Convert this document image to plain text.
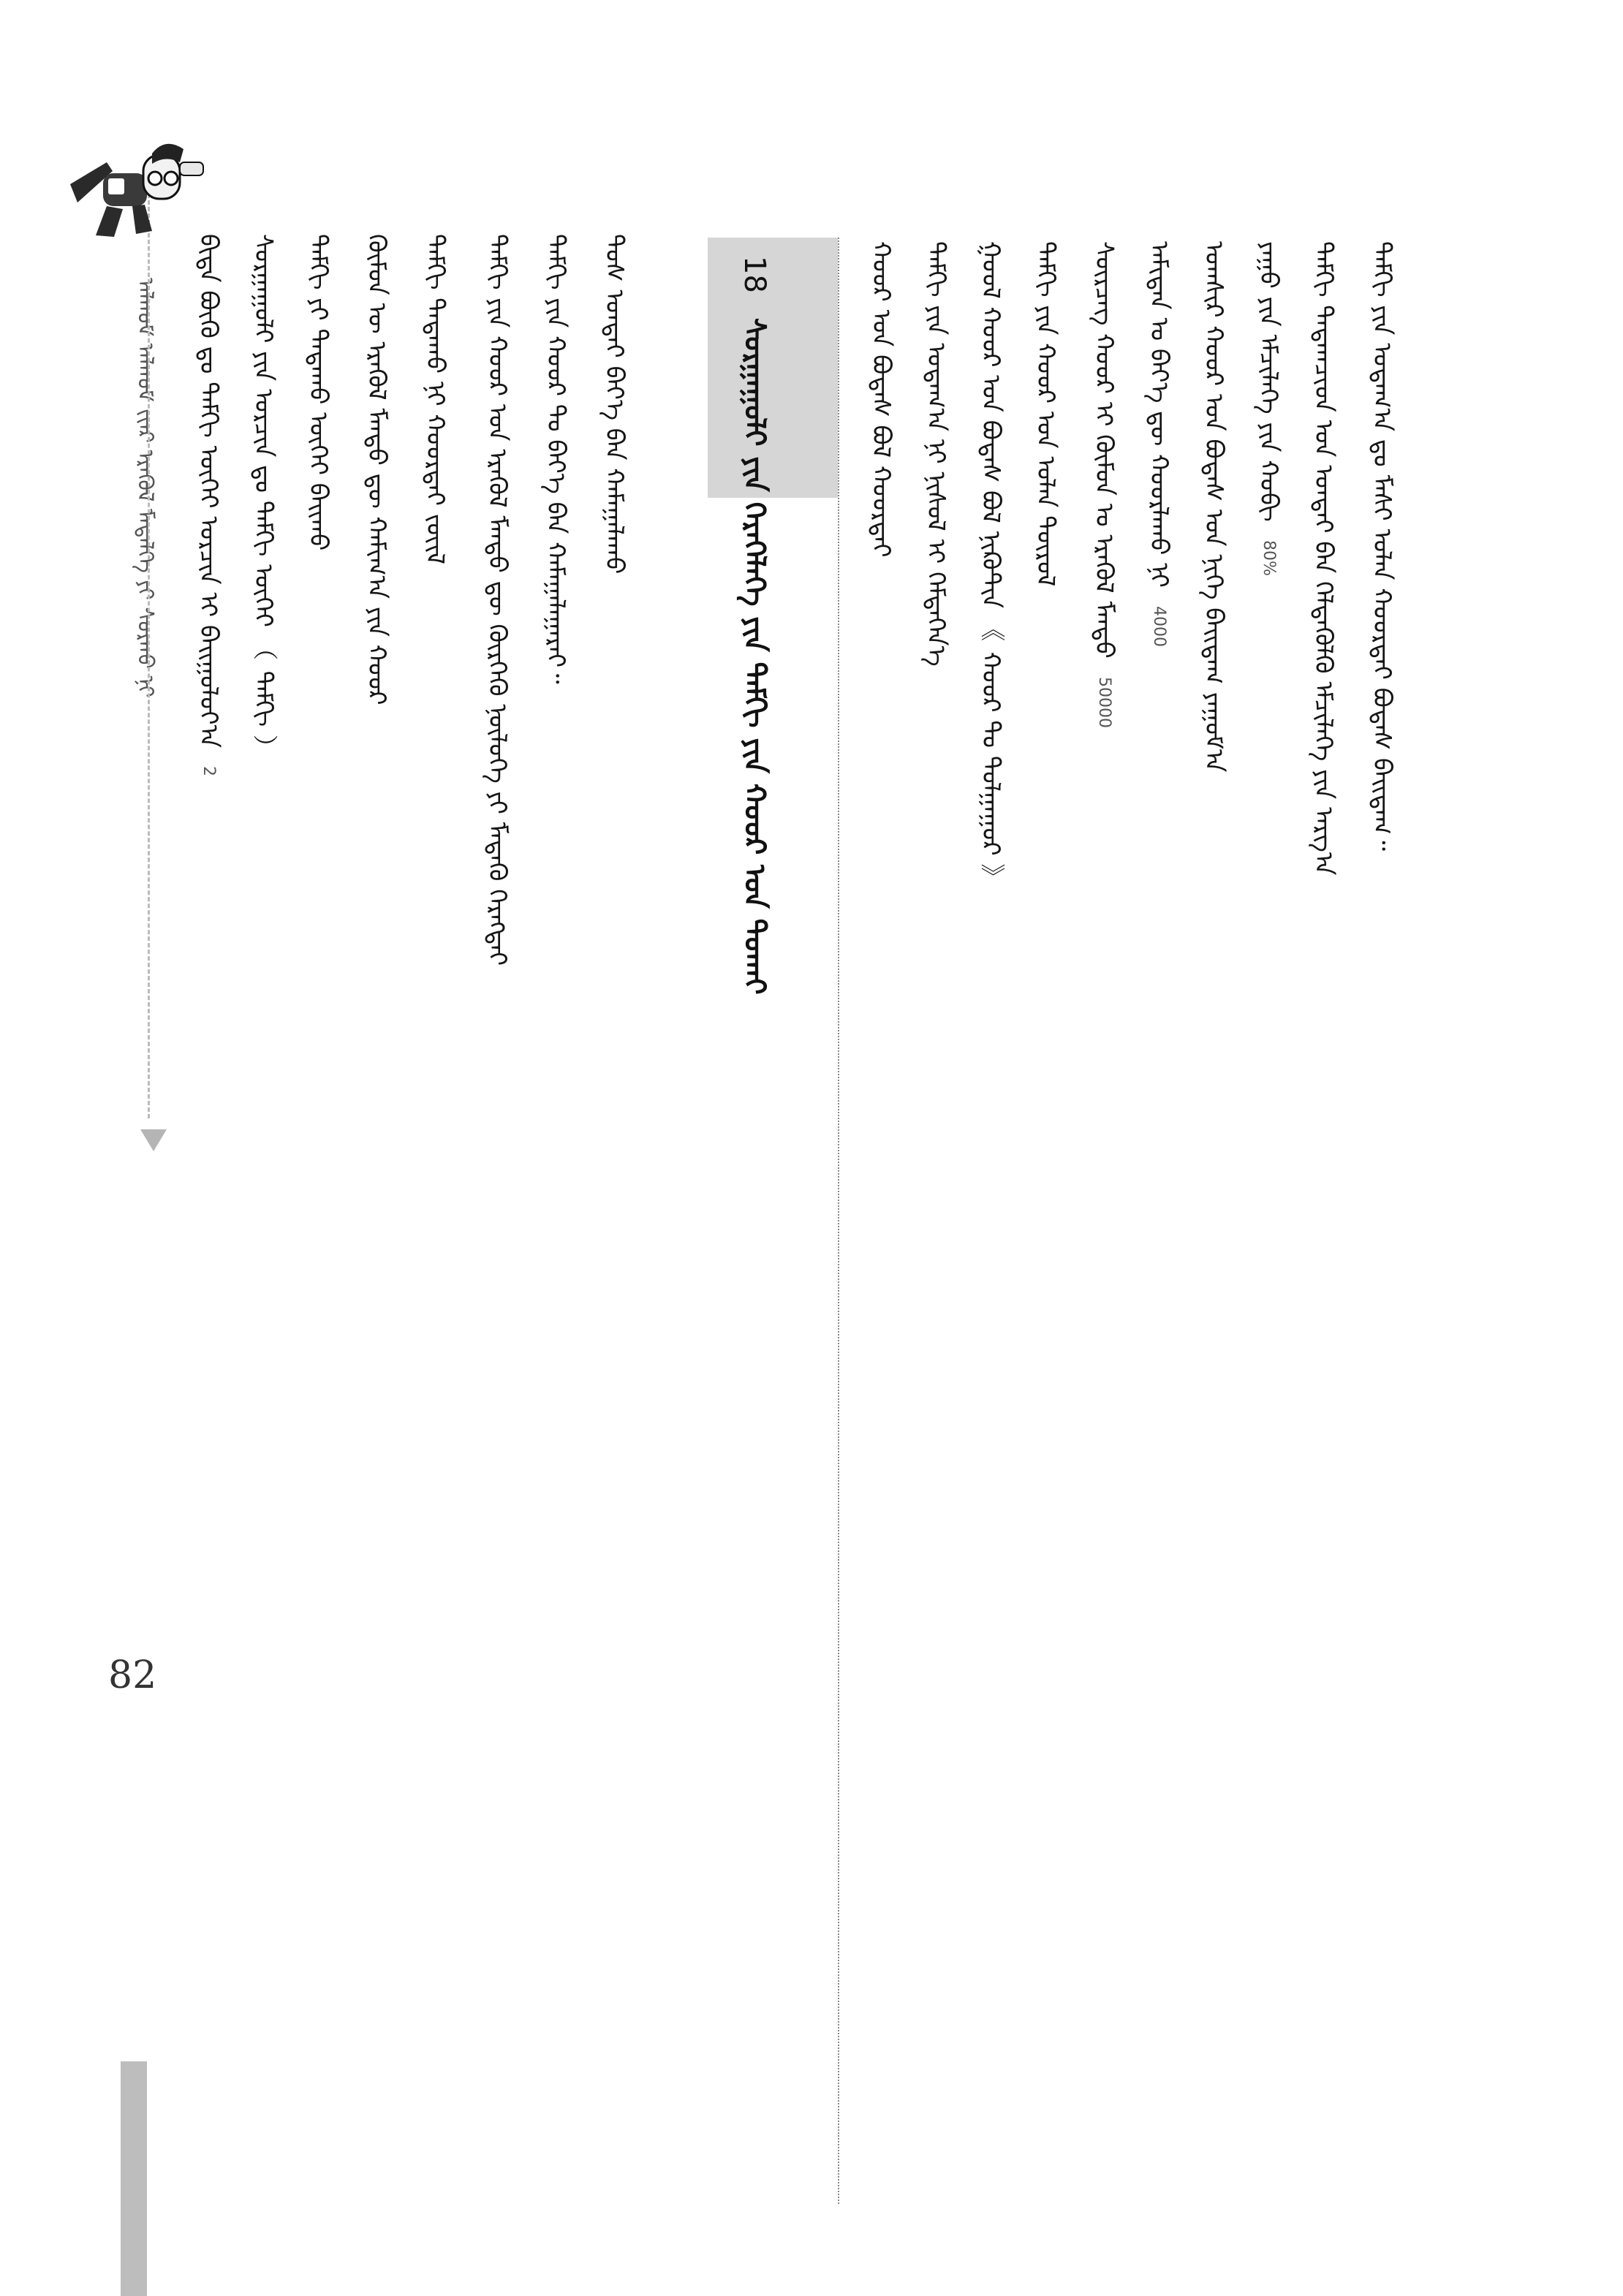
82
ᠠᠯᠬᠤᠮ ᠠᠯᠬᠤᠮ ᠵᠢᠡᠷ ᠡᠷᠡᠭᠦᠯ ᠮᠡᠳᠡᠯᠭᠡ ᠶᠢ ᠰᠤᠷᠬᠤ ᠨᠢ
18 ᠰᠤᠷᠭᠠᠭᠤᠯᠢ ᠶᠢᠨ ᠬᠡᠷᠡᠭᠡᠯᠡᠭᠡ ᠶᠢᠨ ᠲᠠᠮᠬᠢ ᠶᠢᠨ ᠬᠣᠣᠷ ᠤᠨ ᠲᠤᠬᠠᠢ	ᠲᠠᠮᠬᠢ ᠶᠢᠨ ᠤᠲᠠᠭ᠎ᠠ ᠳᠤ ᠮᠠᠰᠢ ᠤᠯᠠᠨ ᠬᠣᠣᠷᠲᠠᠢ ᠪᠣᠳᠠᠰ ᠪᠠᠢᠳᠠᠭ᠃
ᠲᠠᠮᠬᠢ ᠲᠠᠲᠠᠭᠴᠢᠳ ᠤᠨ ᠤᠨᠲᠠᠢ ᠪᠠᠨ ᠭᠡᠯᠳᠡᠭᠦᠯᠬᠦ ᠡᠮᠴᠢᠯᠡᠭᠡ ᠶᠢᠨ ᠠᠷᠭ᠎ᠠ
ᠶᠠᠭᠤ ᠶᠢᠨ ᠡᠮᠴᠢᠯᠡᠭᠡ ᠶᠢᠨ ᠬᠤᠪᠢ 80%
ᠤᠭᠰᠢᠷ ᠬᠣᠣᠷ ᠤᠨ ᠪᠣᠳᠠᠰ ᠤᠨ ᠨᠢᠭᠡ ᠪᠠᠢᠳᠠᠭ ᠶᠠᠭᠤᠮ᠎ᠠ
ᠠᠮᠢᠲᠠᠨ ᠤ ᠪᠡᠶ᠎ᠡ ᠳᠦ ᠬᠣᠣᠷᠯᠠᠬᠤ ᠨᠢ 4000
ᠰᠦᠷᠴᠡᠭ ᠬᠣᠣᠷ ᠢ ᠬᠦᠮᠦᠨ ᠤ ᠡᠷᠡᠭᠦᠯ ᠮᠡᠨᠳᠦ 50000
ᠲᠠᠮᠬᠢ ᠶᠢᠨ ᠬᠣᠣᠷ ᠤᠨ ᠤᠯᠠᠨ ᠲᠦᠷᠦᠯ
ᠭᠣᠣᠯ ᠬᠣᠣᠷ ᠤᠨ ᠪᠣᠳᠠᠰ ᠪᠣᠯ ᠨᠢᠺᠣᠲ᠋ᠢᠨ 《 ᠬᠣᠣᠷ ᠲᠤ ᠲᠤᠯᠭᠠᠭᠤᠷ 》
ᠲᠠᠮᠬᠢ ᠶᠢᠨ ᠤᠲᠠᠭ᠎ᠠ ᠨᠢ ᠨᠢᠰᠤᠯ ᠢ ᠭᠡᠮᠲᠡᠭᠡᠨ᠎ᠡ
ᠬᠣᠣᠷ ᠤᠨ ᠪᠣᠳᠠᠰ ᠪᠣᠯ ᠬᠣᠣᠷᠲᠠᠢ
ᠲᠤᠰ ᠤᠨᠲᠠᠢ ᠪᠡᠶ᠎ᠡ ᠪᠡᠨ ᠬᠠᠮᠠᠭᠠᠯᠠᠬᠤ
ᠲᠠᠮᠬᠢ ᠶᠢᠨ ᠬᠣᠣᠷ ᠲᠤ ᠪᠡᠶ᠎ᠡ ᠪᠡᠨ ᠬᠠᠮᠠᠭᠠᠯᠠᠭᠠᠷᠠᠢ᠃
ᠲᠠᠮᠬᠢ ᠶᠢᠨ ᠬᠣᠣᠷ ᠤᠨ ᠡᠷᠡᠭᠦᠯ ᠮᠡᠨᠳᠦ ᠳᠦ ᠬᠦᠷᠭᠡᠬᠦ ᠨᠥᠯᠦᠭᠡ ᠶᠢ ᠮᠡᠳᠡᠬᠦ ᠬᠡᠷᠡᠭᠲᠡᠢ
ᠲᠠᠮᠬᠢ ᠲᠠᠲᠠᠬᠤ ᠨᠢ ᠬᠣᠣᠷᠲᠠᠢ ᠵᠦᠢᠯ
ᠬᠦᠮᠦᠨ ᠦ ᠡᠷᠡᠭᠦᠯ ᠮᠡᠨᠳᠦ ᠳᠦ ᠬᠠᠮᠢᠭ᠎ᠠ ᠶᠢᠨ ᠬᠣᠣᠷ
ᠲᠠᠮᠬᠢ ᠶᠢ ᠲᠠᠲᠠᠬᠤ ᠦᠭᠡᠢ ᠪᠠᠢᠬᠤ
ᠰᠤᠷᠭᠠᠭᠤᠯᠢ ᠶᠢᠨ ᠤᠷᠴᠢᠨ ᠳᠤ ᠲᠠᠮᠬᠢ ᠦᠭᠡᠢ （ ᠲᠠᠮᠬᠢ ）
ᠪᠢᠳᠡ ᠪᠦᠬᠦ ᠳᠤ ᠲᠠᠮᠬᠢ ᠦᠭᠡᠢ ᠣᠷᠴᠢᠨ ᠢ ᠪᠠᠢᠭᠤᠯᠤᠶ᠎ᠠ 2
